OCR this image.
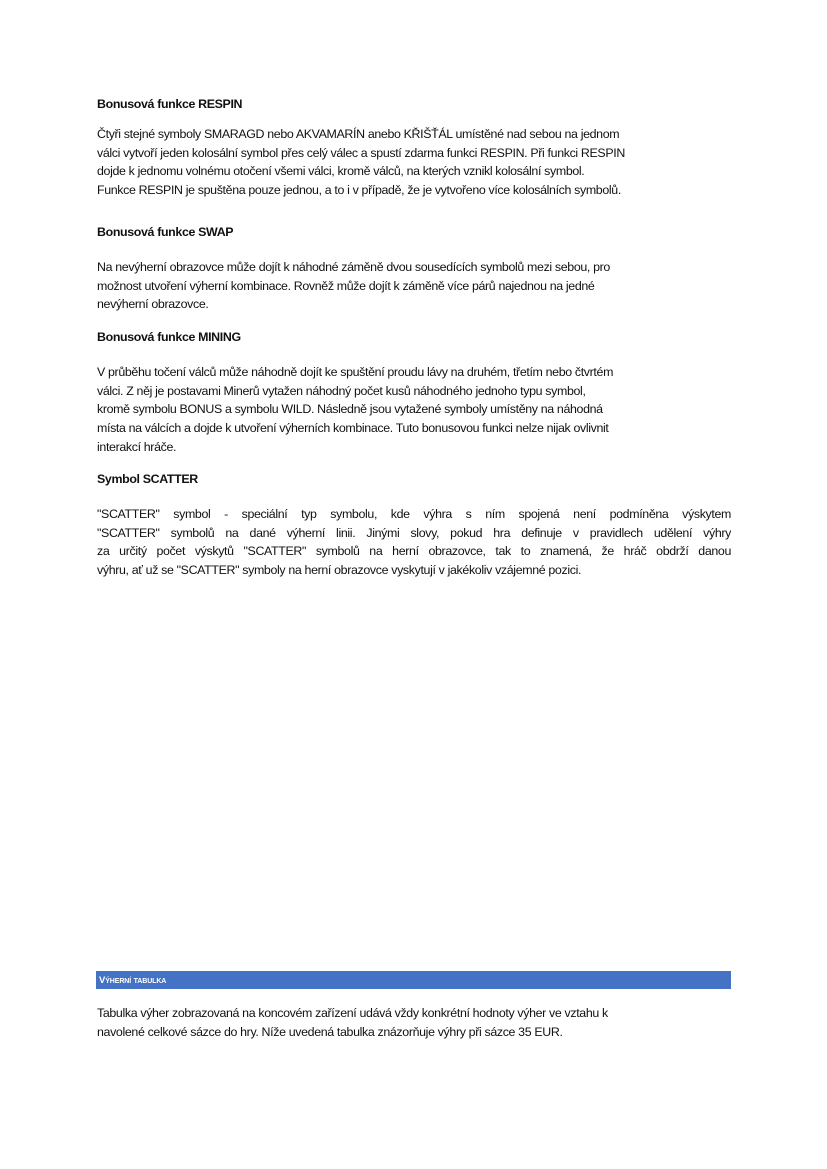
Bonusová funkce RESPIN
Čtyři stejné symboly SMARAGD nebo AKVAMARÍN anebo KŘIŠŤÁL umístěné nad sebou na jednom
válci vytvoří jeden kolosální symbol přes celý válec a spustí zdarma funkci RESPIN. Při funkci RESPIN
dojde k jednomu volnému otočení všemi válci, kromě válců, na kterých vznikl kolosální symbol.
Funkce RESPIN je spuštěna pouze jednou, a to i v případě, že je vytvořeno více kolosálních symbolů.
Bonusová funkce SWAP
Na nevýherní obrazovce může dojít k náhodné záměně dvou sousedících symbolů mezi sebou, pro
možnost utvoření výherní kombinace. Rovněž může dojít k záměně více párů najednou na jedné
nevýherní obrazovce.
Bonusová funkce MINING
V průběhu točení válců může náhodně dojít ke spuštění proudu lávy na druhém, třetím nebo čtvrtém
válci. Z něj je postavami Minerů vytažen náhodný počet kusů náhodného jednoho typu symbol,
kromě symbolu BONUS a symbolu WILD. Následně jsou vytažené symboly umístěny na náhodná
místa na válcích a dojde k utvoření výherních kombinace. Tuto bonusovou funkci nelze nijak ovlivnit
interakcí hráče.
Symbol SCATTER
"SCATTER" symbol - speciální typ symbolu, kde výhra s ním spojená není podmíněna výskytem
"SCATTER" symbolů na dané výherní linii. Jinými slovy, pokud hra definuje v pravidlech udělení výhry
za určitý počet výskytů "SCATTER" symbolů na herní obrazovce, tak to znamená, že hráč obdrží danou
výhru, ať už se "SCATTER" symboly na herní obrazovce vyskytují v jakékoliv vzájemné pozici.
Výherní tabulka
Tabulka výher zobrazovaná na koncovém zařízení udává vždy konkrétní hodnoty výher ve vztahu k
navolené celkové sázce do hry. Níže uvedená tabulka znázorňuje výhry při sázce 35 EUR.
